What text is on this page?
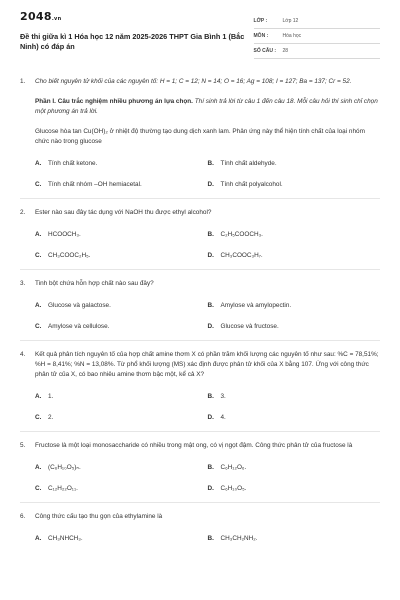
2048.vn
Đề thi giữa kì 1 Hóa học 12 năm 2025-2026 THPT Gia Bình 1 (Bắc Ninh) có đáp án
LỚP :	Lớp 12
MÔN :	Hóa học
SỐ CÂU :	28
1.	Cho biết nguyên tử khối của các nguyên tố: H = 1; C = 12; N = 14; O = 16; Ag = 108; I = 127; Ba = 137; Cr = 52.
Phần I. Câu trắc nghiệm nhiều phương án lựa chọn. Thí sinh trả lời từ câu 1 đến câu 18. Mỗi câu hỏi thí sinh chỉ chọn một phương án trả lời.
Glucose hòa tan Cu(OH)₂ ở nhiệt độ thường tạo dung dịch xanh lam. Phản ứng này thể hiện tính chất của loại nhóm chức nào trong glucose
A.	Tính chất ketone.	B.	Tính chất aldehyde.
C.	Tính chất nhóm –OH hemiacetal.	D.	Tính chất polyalcohol.
2.	Ester nào sau đây tác dụng với NaOH thu được ethyl alcohol?
A.	HCOOCH₃.	B.	C₂H₅COOCH₃.
C.	CH₃COOC₂H₅.	D.	CH₃COOC₃H₇.
3.	Tinh bột chứa hỗn hợp chất nào sau đây?
A.	Glucose và galactose.	B.	Amylose và amylopectin.
C.	Amylose và cellulose.	D.	Glucose và fructose.
4.	Kết quả phân tích nguyên tố của hợp chất amine thơm X có phần trăm khối lượng các nguyên tố như sau: %C = 78,51%; %H = 8,41%; %N = 13,08%. Từ phổ khối lượng (MS) xác định được phân tử khối của X bằng 107. Ứng với công thức phân tử của X, có bao nhiêu amine thơm bậc một, kể cả X?
A.	1.	B.	3.
C.	2.	D.	4.
5.	Fructose là một loại monosaccharide có nhiều trong mật ong, có vị ngọt đậm. Công thức phân tử của fructose là
A.	(C₆H₁₀O₅)ₙ.	B.	C₆H₁₂O₆.
C.	C₁₂H₂₂O₁₁.	D.	C₆H₁₀O₅.
6.	Công thức cấu tạo thu gọn của ethylamine là
A.	CH₃NHCH₃.	B.	CH₃CH₂NH₂.
